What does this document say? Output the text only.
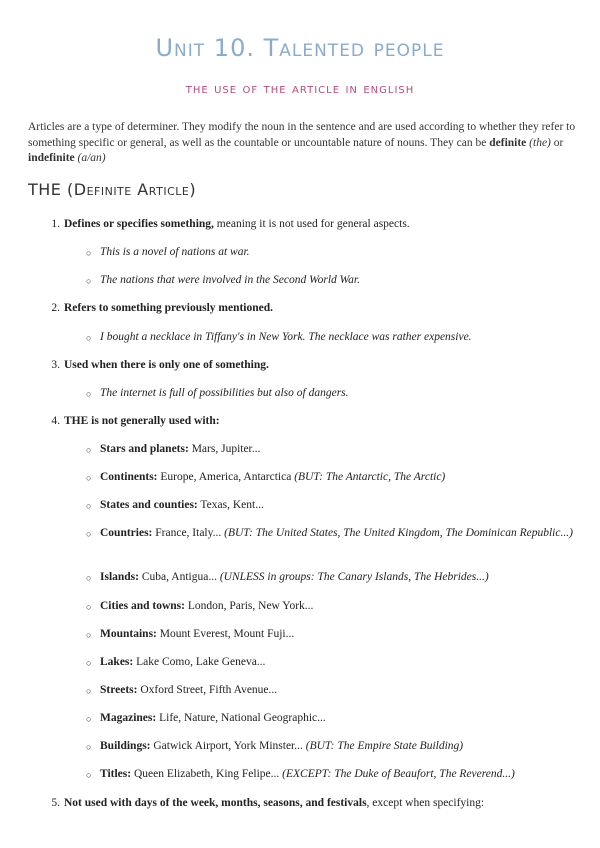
Unit 10. Talented people
the use of the article in english
Articles are a type of determiner. They modify the noun in the sentence and are used according to whether they refer to something specific or general, as well as the countable or uncountable nature of nouns. They can be definite (the) or indefinite (a/an)
THE (Definite Article)
1. Defines or specifies something, meaning it is not used for general aspects.
○ This is a novel of nations at war.
○ The nations that were involved in the Second World War.
2. Refers to something previously mentioned.
○ I bought a necklace in Tiffany's in New York. The necklace was rather expensive.
3. Used when there is only one of something.
○ The internet is full of possibilities but also of dangers.
4. THE is not generally used with:
○ Stars and planets: Mars, Jupiter...
○ Continents: Europe, America, Antarctica (BUT: The Antarctic, The Arctic)
○ States and counties: Texas, Kent...
○ Countries: France, Italy... (BUT: The United States, The United Kingdom, The Dominican Republic...)
○ Islands: Cuba, Antigua... (UNLESS in groups: The Canary Islands, The Hebrides...)
○ Cities and towns: London, Paris, New York...
○ Mountains: Mount Everest, Mount Fuji...
○ Lakes: Lake Como, Lake Geneva...
○ Streets: Oxford Street, Fifth Avenue...
○ Magazines: Life, Nature, National Geographic...
○ Buildings: Gatwick Airport, York Minster... (BUT: The Empire State Building)
○ Titles: Queen Elizabeth, King Felipe... (EXCEPT: The Duke of Beaufort, The Reverend...)
5. Not used with days of the week, months, seasons, and festivals, except when specifying:
